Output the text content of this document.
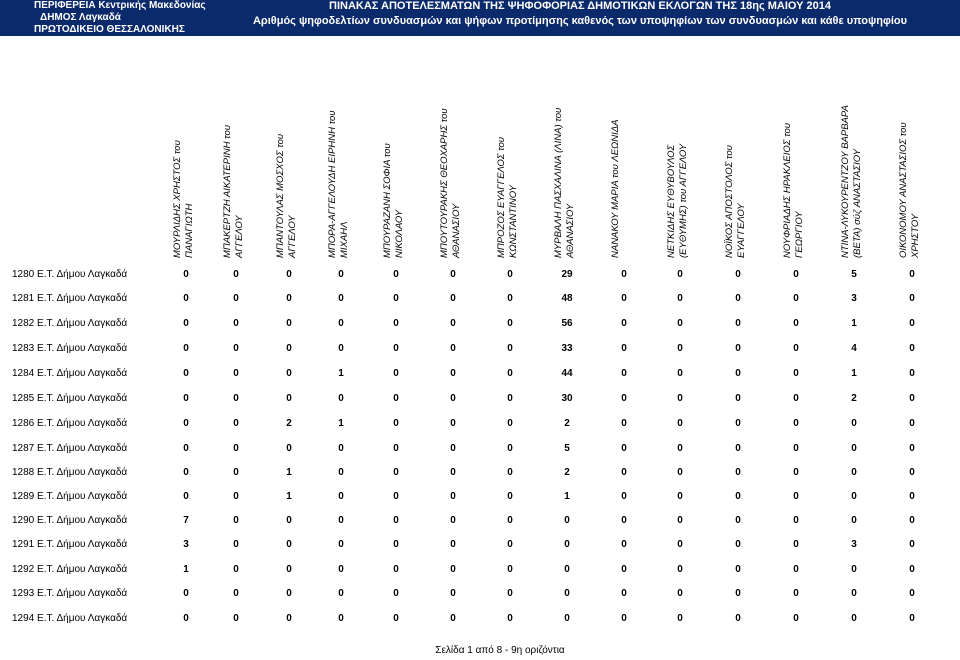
ΠΕΡΙΦΕΡΕΙΑ Κεντρικής Μακεδονίας
ΔΗΜΟΣ Λαγκαδά
ΠΡΩΤΟΔΙΚΕΙΟ ΘΕΣΣΑΛΟΝΙΚΗΣ
ΠΙΝΑΚΑΣ ΑΠΟΤΕΛΕΣΜΑΤΩΝ ΤΗΣ ΨΗΦΟΦΟΡΙΑΣ ΔΗΜΟΤΙΚΩΝ ΕΚΛΟΓΩΝ ΤΗΣ 18ης ΜΑΙΟΥ 2014
Αριθμός ψηφοδελτίων συνδυασμών και ψήφων προτίμησης καθενός των υποψηφίων των συνδυασμών και κάθε υποψηφίου
ΜΟΥΡΛΙΔΗΣ ΧΡΗΣΤΟΣ του ΠΑΝΑΓΙΩΤΗ	ΜΠΑΚΕΡΤΖΗ ΑΙΚΑΤΕΡΙΝΗ του ΑΓΓΕΛΟΥ	ΜΠΑΝΤΟΥΛΑΣ ΜΟΣΧΟΣ του ΑΓΓΕΛΟΥ	ΜΠΟΡΑ-ΑΓΓΕΛΟΥΔΗ ΕΙΡΗΝΗ του ΜΙΧΑΗΛ	ΜΠΟΥΡΑΖΑΝΗ ΣΟΦΙΑ του ΝΙΚΟΛΑΟΥ	ΜΠΟΥΤΟΥΡΑΚΗΣ ΘΕΟΧΑΡΗΣ του ΑΘΑΝΑΣΙΟΥ	ΜΠΡΟΖΟΣ ΕΥΑΓΓΕΛΟΣ του ΚΩΝΣΤΑΝΤΙΝΟΥ	ΜΥΡΒΑΛΗ ΠΑΣΧΑΛΙΝΑ (ΛΙΝΑ) του ΑΘΑΝΑΣΙΟΥ	ΝΑΝΑΚΟΥ ΜΑΡΙΑ του ΛΕΩΝΙΔΑ	ΝΕΤΚΙΔΗΣ ΕΥΘΥΒΟΥΛΟΣ (ΕΥΘΥΜΗΣ) του ΑΓΓΕΛΟΥ	ΝΟΪΚΟΣ ΑΠΟΣΤΟΛΟΣ του ΕΥΑΓΓΕΛΟΥ	ΝΟΥΦΡΙΑΔΗΣ ΗΡΑΚΛΕΙΟΣ του ΓΕΩΡΓΙΟΥ	ΝΤΙΝΑ-ΛΥΚΟΥΡΕΝΤΖΟΥ ΒΑΡΒΑΡΑ (ΒΕΤΑ) σύζ ΑΝΑΣΤΑΣΙΟΥ	ΟΙΚΟΝΟΜΟΥ ΑΝΑΣΤΑΣΙΟΣ του ΧΡΗΣΤΟΥ
1280 Ε.Τ. Δήμου Λαγκαδά	0	0	0	0	0	0	0	29	0	0	0	0	5	0
1281 Ε.Τ. Δήμου Λαγκαδά	0	0	0	0	0	0	0	48	0	0	0	0	3	0
1282 Ε.Τ. Δήμου Λαγκαδά	0	0	0	0	0	0	0	56	0	0	0	0	1	0
1283 Ε.Τ. Δήμου Λαγκαδά	0	0	0	0	0	0	0	33	0	0	0	0	4	0
1284 Ε.Τ. Δήμου Λαγκαδά	0	0	0	1	0	0	0	44	0	0	0	0	1	0
1285 Ε.Τ. Δήμου Λαγκαδά	0	0	0	0	0	0	0	30	0	0	0	0	2	0
1286 Ε.Τ. Δήμου Λαγκαδά	0	0	2	1	0	0	0	2	0	0	0	0	0	0
1287 Ε.Τ. Δήμου Λαγκαδά	0	0	0	0	0	0	0	5	0	0	0	0	0	0
1288 Ε.Τ. Δήμου Λαγκαδά	0	0	1	0	0	0	0	2	0	0	0	0	0	0
1289 Ε.Τ. Δήμου Λαγκαδά	0	0	1	0	0	0	0	1	0	0	0	0	0	0
1290 Ε.Τ. Δήμου Λαγκαδά	7	0	0	0	0	0	0	0	0	0	0	0	0	0
1291 Ε.Τ. Δήμου Λαγκαδά	3	0	0	0	0	0	0	0	0	0	0	0	3	0
1292 Ε.Τ. Δήμου Λαγκαδά	1	0	0	0	0	0	0	0	0	0	0	0	0	0
1293 Ε.Τ. Δήμου Λαγκαδά	0	0	0	0	0	0	0	0	0	0	0	0	0	0
1294 Ε.Τ. Δήμου Λαγκαδά	0	0	0	0	0	0	0	0	0	0	0	0	0	0
Σελίδα 1 από 8 - 9η οριζόντια
